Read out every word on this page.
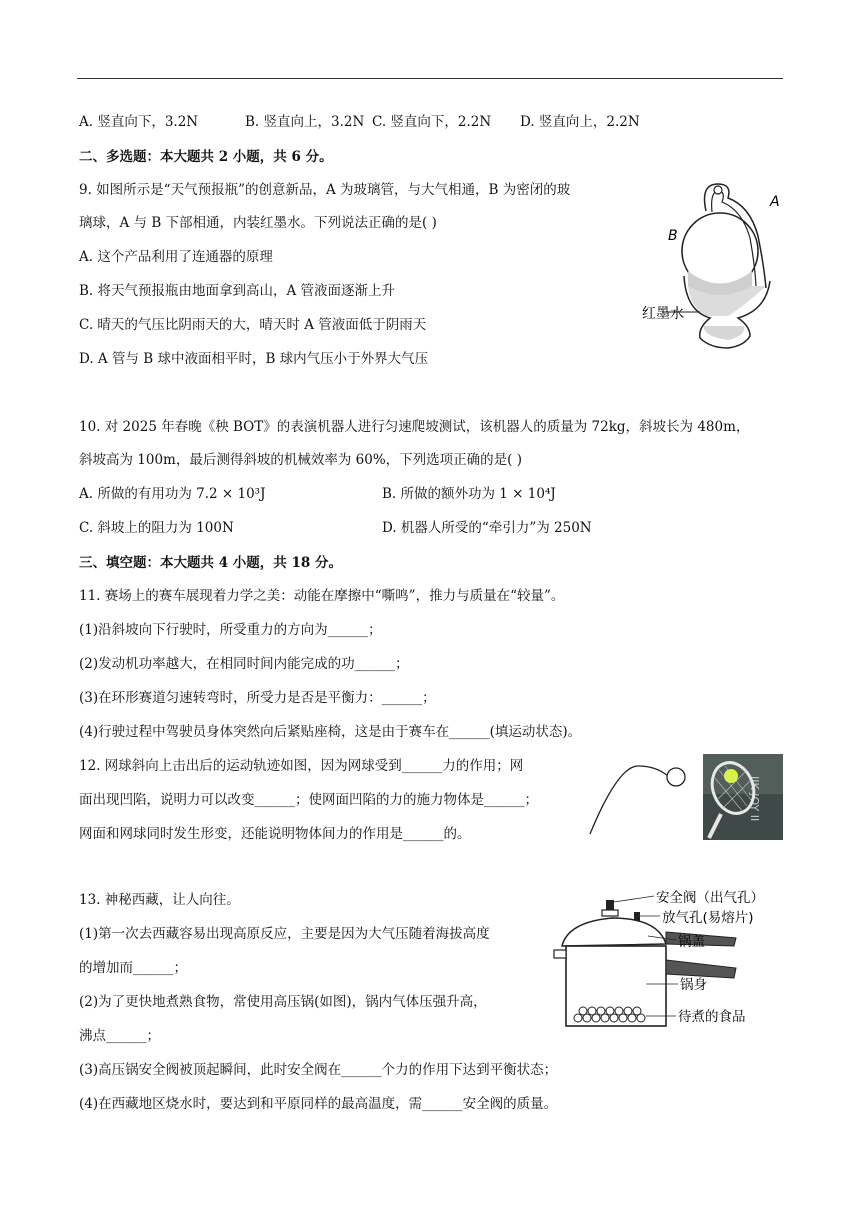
A. 竖直向下，3.2N	B. 竖直向上，3.2N C. 竖直向下，2.2N D. 竖直向上，2.2N
二、多选题：本大题共 2 小题，共 6 分。
9. 如图所示是“天气预报瓶”的创意新品，A 为玻璃管，与大气相通，B 为密闭的玻
璃球，A 与 B 下部相通，内装红墨水。下列说法正确的是( )
A. 这个产品利用了连通器的原理
B. 将天气预报瓶由地面拿到高山，A 管液面逐渐上升
C. 晴天的气压比阴雨天的大，晴天时 A 管液面低于阴雨天
D. A 管与 B 球中液面相平时，B 球内气压小于外界大气压
A
B
红墨水
10. 对 2025 年春晚《秧 BOT》的表演机器人进行匀速爬坡测试，该机器人的质量为 72kg，斜坡长为 480m，
斜坡高为 100m，最后测得斜坡的机械效率为 60%，下列选项正确的是( )
A. 所做的有用功为 7.2 × 10³J	B. 所做的额外功为 1 × 10⁴J
C. 斜坡上的阻力为 100N	D. 机器人所受的“牵引力”为 250N
三、填空题：本大题共 4 小题，共 18 分。
11. 赛场上的赛车展现着力学之美：动能在摩擦中“嘶鸣”，推力与质量在“较量”。
(1)沿斜坡向下行驶时，所受重力的方向为______；
(2)发动机功率越大，在相同时间内能完成的功______；
(3)在环形赛道匀速转弯时，所受力是否是平衡力：______；
(4)行驶过程中驾驶员身体突然向后紧贴座椅，这是由于赛车在______(填运动状态)。
12. 网球斜向上击出后的运动轨迹如图，因为网球受到______力的作用；网
面出现凹陷，说明力可以改变______；使网面凹陷的力的施力物体是______；
网面和网球同时发生形变，还能说明物体间力的作用是______的。
IIK JOY II
13. 神秘西藏，让人向往。
(1)第一次去西藏容易出现高原反应，主要是因为大气压随着海拔高度
的增加而______；
(2)为了更快地煮熟食物，常使用高压锅(如图)，锅内气体压强升高，
沸点______；
(3)高压锅安全阀被顶起瞬间，此时安全阀在______个力的作用下达到平衡状态；
(4)在西藏地区烧水时，要达到和平原同样的最高温度，需______安全阀的质量。
安全阀（出气孔）
放气孔(易熔片)
锅盖
锅身
待煮的食品
